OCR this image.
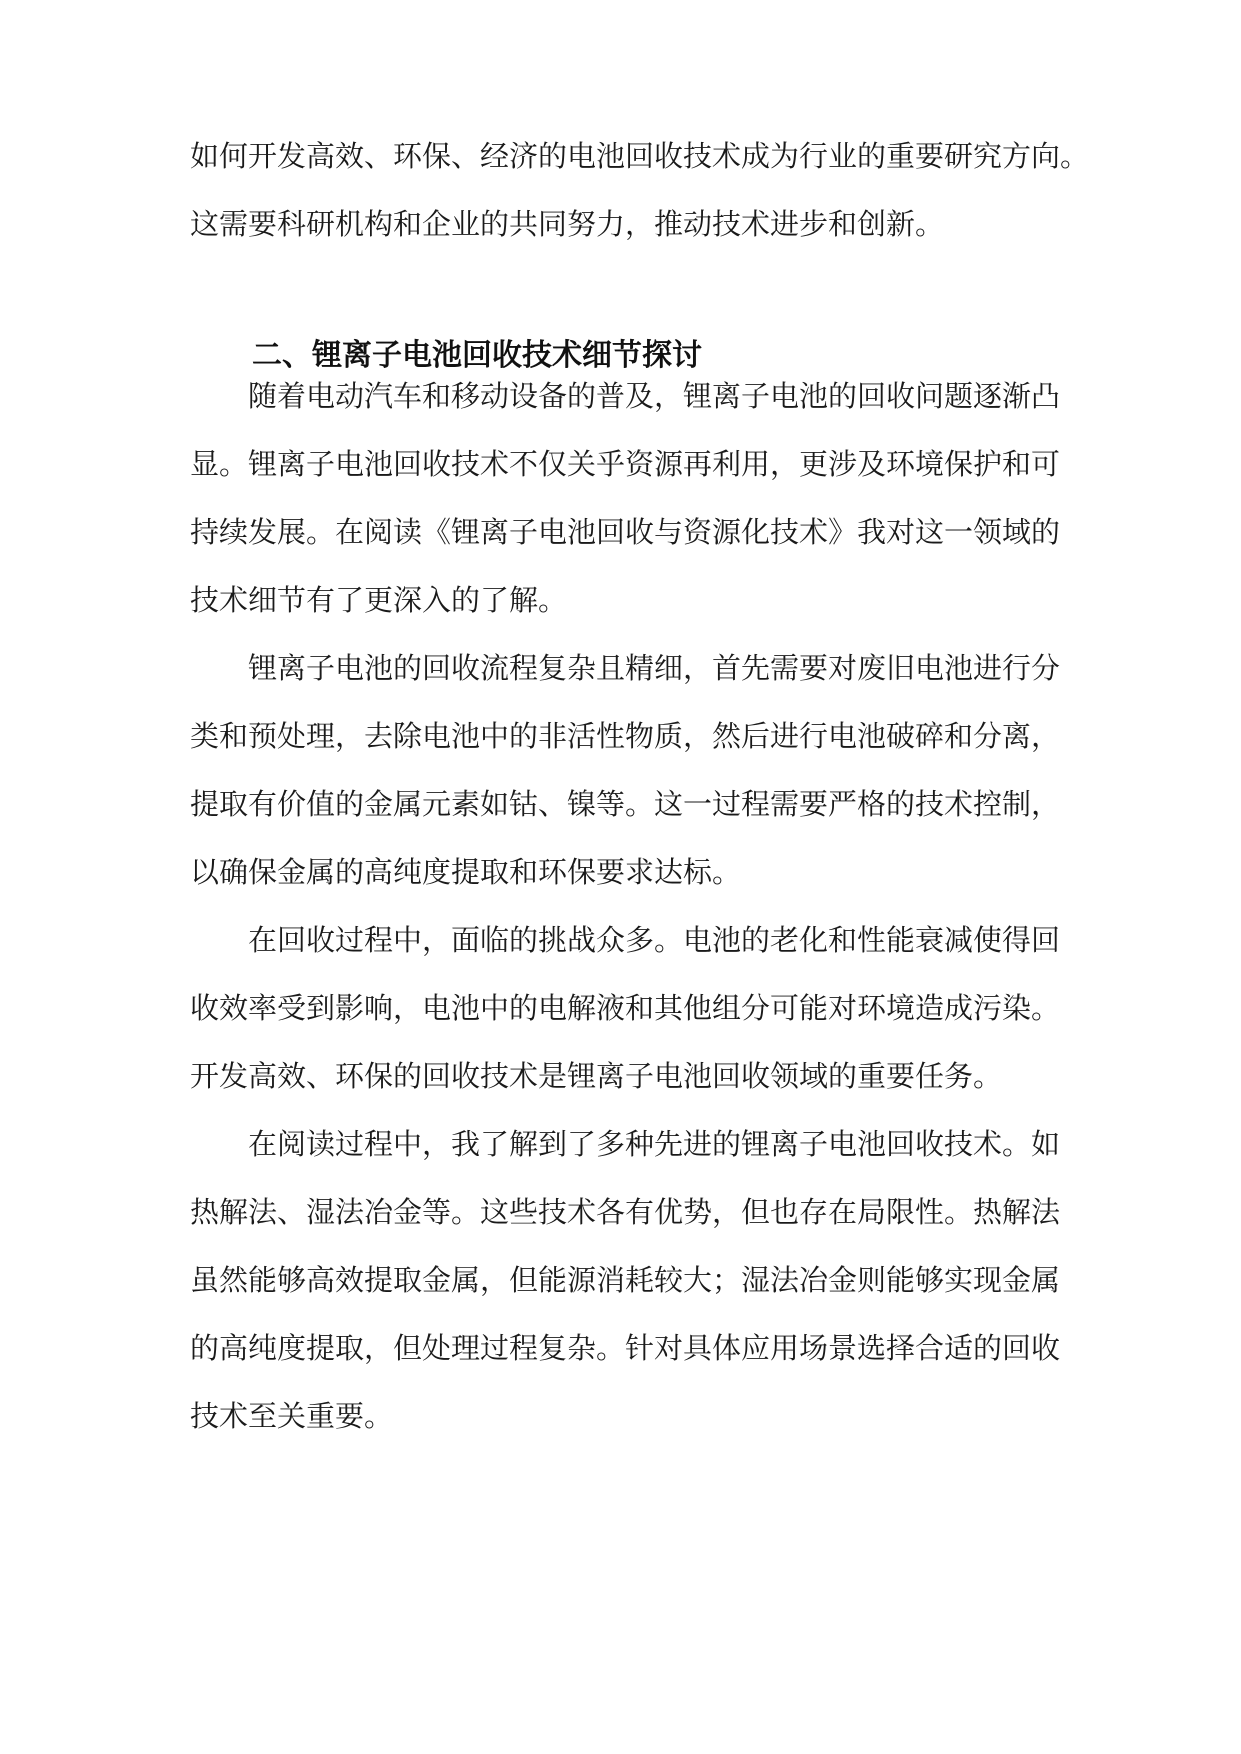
如何开发高效、环保、经济的电池回收技术成为行业的重要研究方向。
这需要科研机构和企业的共同努力，推动技术进步和创新。
二、锂离子电池回收技术细节探讨
随着电动汽车和移动设备的普及，锂离子电池的回收问题逐渐凸
显。锂离子电池回收技术不仅关乎资源再利用，更涉及环境保护和可
持续发展。在阅读《锂离子电池回收与资源化技术》我对这一领域的
技术细节有了更深入的了解。
锂离子电池的回收流程复杂且精细，首先需要对废旧电池进行分
类和预处理，去除电池中的非活性物质，然后进行电池破碎和分离，
提取有价值的金属元素如钴、镍等。这一过程需要严格的技术控制，
以确保金属的高纯度提取和环保要求达标。
在回收过程中，面临的挑战众多。电池的老化和性能衰减使得回
收效率受到影响，电池中的电解液和其他组分可能对环境造成污染。
开发高效、环保的回收技术是锂离子电池回收领域的重要任务。
在阅读过程中，我了解到了多种先进的锂离子电池回收技术。如
热解法、湿法冶金等。这些技术各有优势，但也存在局限性。热解法
虽然能够高效提取金属，但能源消耗较大；湿法冶金则能够实现金属
的高纯度提取，但处理过程复杂。针对具体应用场景选择合适的回收
技术至关重要。
